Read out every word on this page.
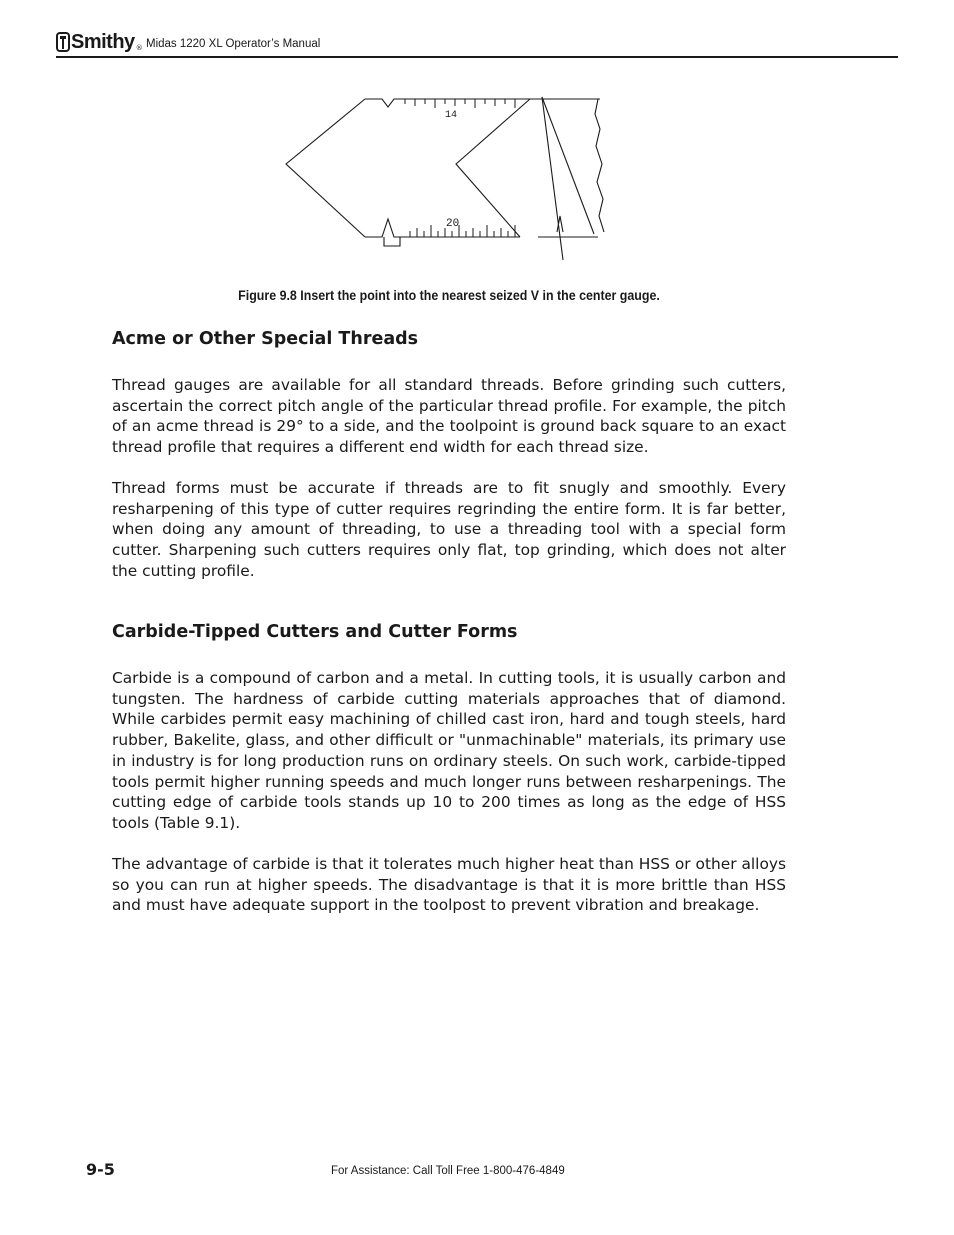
Smithy ® Midas 1220 XL Operator’s Manual
14
20
Figure 9.8 Insert the point into the nearest seized V in the center gauge.
Acme or Other Special Threads

Thread gauges are available for all standard threads. Before grinding such cutters, ascertain the correct pitch angle of the particular thread profile. For example, the pitch of an acme thread is 29° to a side, and the toolpoint is ground back square to an exact thread profile that requires a different end width for each thread size.

Thread forms must be accurate if threads are to fit snugly and smoothly. Every resharpening of this type of cutter requires regrinding the entire form. It is far better, when doing any amount of threading, to use a threading tool with a special form cutter. Sharpening such cutters requires only flat, top grinding, which does not alter the cutting profile.

Carbide-Tipped Cutters and Cutter Forms

Carbide is a compound of carbon and a metal. In cutting tools, it is usually carbon and tungsten. The hardness of carbide cutting materials approaches that of diamond. While carbides permit easy machining of chilled cast iron, hard and tough steels, hard rubber, Bakelite, glass, and other difficult or "unmachinable" materials, its primary use in industry is for long production runs on ordinary steels. On such work, carbide-tipped tools permit higher running speeds and much longer runs between resharpenings. The cutting edge of carbide tools stands up 10 to 200 times as long as the edge of HSS tools (Table 9.1).

The advantage of carbide is that it tolerates much higher heat than HSS or other alloys so you can run at higher speeds. The disadvantage is that it is more brittle than HSS and must have adequate support in the toolpost to prevent vibration and breakage.

9-5	For Assistance: Call Toll Free 1-800-476-4849
